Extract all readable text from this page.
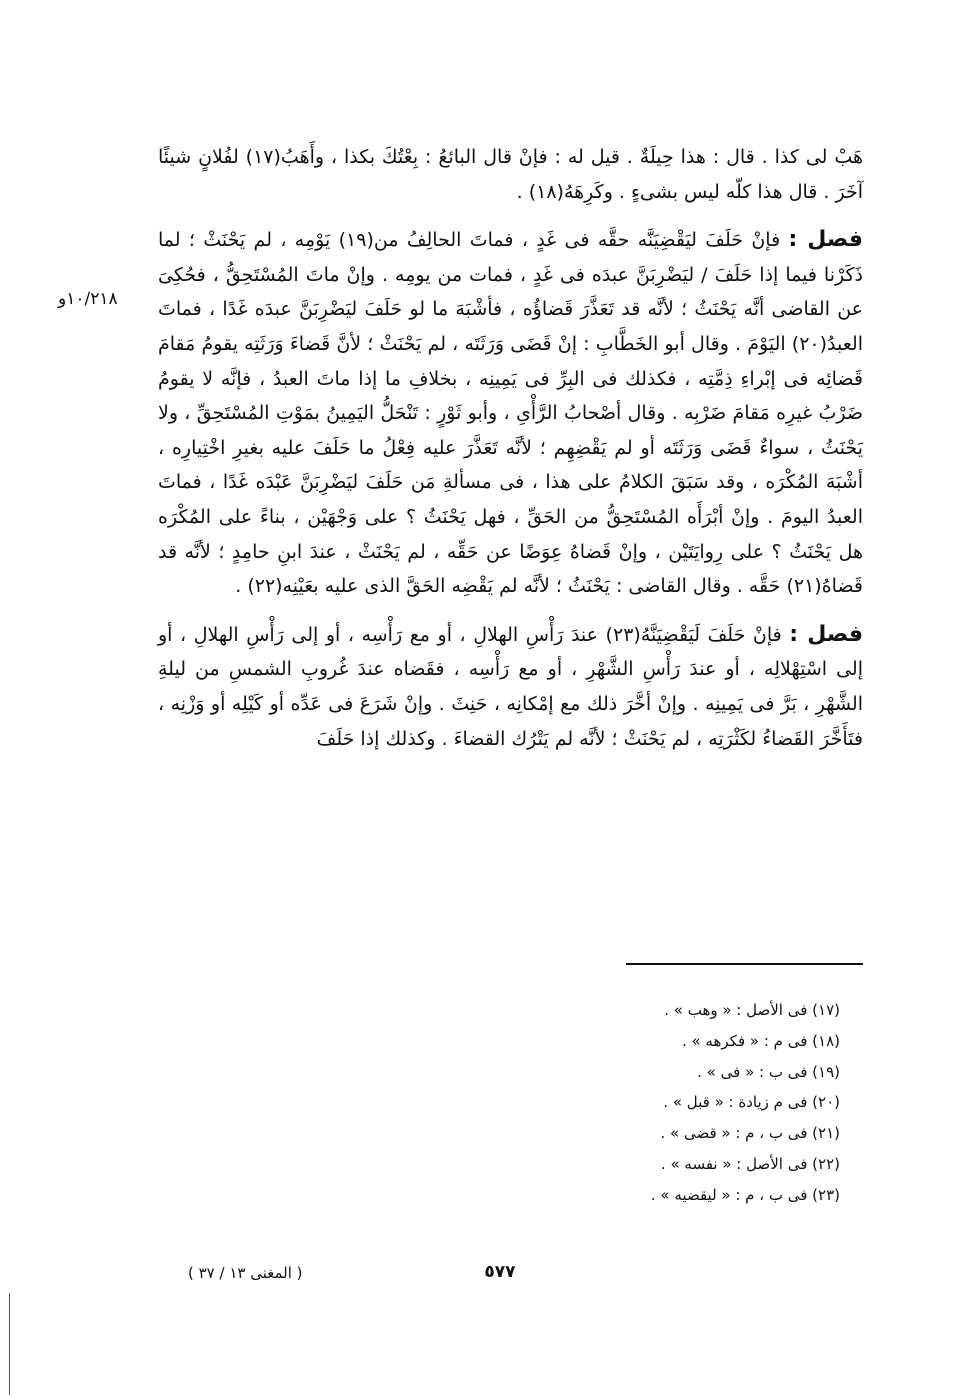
١٠/٢١٨و

هَبْ لى كذا . قال : هذا حِيلَةٌ . قيل له : فإنْ قال البائعُ : بِعْتُكَ بكذا ، وأَهَبُ(١٧) لفُلانٍ شيئًا آخَرَ . قال هذا كلّه ليس بشىءٍ . وكَرِهَهُ(١٨) .

فصل : فإنْ حَلَفَ ليَقْضِيَنَّه حقَّه فى غَدٍ ، فماتَ الحالِفُ من(١٩) يَوْمِه ، لم يَحْنَثْ ؛ لما ذَكَرْنا فيما إذا حَلَفَ / ليَضْرِبَنَّ عبدَه فى غَدٍ ، فمات من يومِه . وإنْ ماتَ المُسْتَحِقُّ ، فحُكِىَ عن القاضى أنَّه يَحْنَثُ ؛ لأنَّه قد تَعَذَّرَ قَضاؤُه ، فأشْبَهَ ما لو حَلَفَ ليَضْرِبَنَّ عبدَه غَدًا ، فماتَ العبدُ(٢٠) اليَوْمَ . وقال أبو الخَطَّابِ : إنْ قَضَى وَرَثَتَه ، لم يَحْنَثْ ؛ لأنَّ قَضاءَ وَرَثَتِه يقومُ مَقامَ قَضائِه فى إبْراءِ ذِمَّتِه ، فكذلك فى البِرِّ فى يَمِينِه ، بخلافِ ما إذا ماتَ العبدُ ، فإنَّه لا يقومُ ضَرْبُ غيرِه مَقامَ ضَرْبِه . وقال أصْحابُ الرَّأْىِ ، وأبو ثَوْرٍ : تَنْحَلُّ اليَمِينُ بمَوْتِ المُسْتَحِقِّ ، ولا يَحْنَثُ ، سواءٌ قَضَى وَرَثَتَه أو لم يَقْضِهِم ؛ لأنَّه تَعَذَّرَ عليه فِعْلُ ما حَلَفَ عليه بغيرِ اخْتِيارِه ، أشْبَهَ المُكْرَه ، وقد سَبَقَ الكلامُ على هذا ، فى مسألةِ مَن حَلَفَ ليَضْرِبَنَّ عَبْدَه غَدًا ، فماتَ العبدُ اليومَ . وإنْ أبْرَأَه المُسْتَحِقُّ من الحَقِّ ، فهل يَحْنَثُ ؟ على وَجْهَيْن ، بناءً على المُكْرَه هل يَحْنَثُ ؟ على رِوايَتَيْن ، وإنْ قَضاهُ عِوَضًا عن حَقِّه ، لم يَحْنَثْ ، عندَ ابنِ حامِدٍ ؛ لأنَّه قد قَضاهُ(٢١) حَقَّه . وقال القاضى : يَحْنَثُ ؛ لأنَّه لم يَقْضِه الحَقَّ الذى عليه بعَيْنِه(٢٢) .

فصل : فإنْ حَلَفَ لَيَقْضِيَنَّهُ(٢٣) عندَ رَأْسِ الهلالِ ، أو مع رَأْسِه ، أو إلى رَأْسِ الهلالِ ، أو إلى اسْتِهْلالِه ، أو عندَ رَأْسِ الشَّهْرِ ، أو مع رَأْسِه ، فقَضاه عندَ غُروبِ الشمسِ من ليلةِ الشَّهْرِ ، بَرَّ فى يَمِينِه . وإنْ أخَّرَ ذلك مع إمْكانِه ، حَنِثَ . وإنْ شَرَعَ فى عَدِّه أو كَيْلِه أو وَزْنِه ، فتَأَخَّرَ القَضاءُ لكَثْرَتِه ، لم يَحْنَثْ ؛ لأنَّه لم يَتْرُك القضاءَ . وكذلك إذا حَلَفَ

(١٧) فى الأصل : « وهب » .
(١٨) فى م : « فكرهه » .
(١٩) فى ب : « فى » .
(٢٠) فى م زيادة : « قبل » .
(٢١) فى ب ، م : « قضى » .
(٢٢) فى الأصل : « نفسه » .
(٢٣) فى ب ، م : « ليقضيه » .
( المغنى ١٣ / ٣٧ )	٥٧٧
